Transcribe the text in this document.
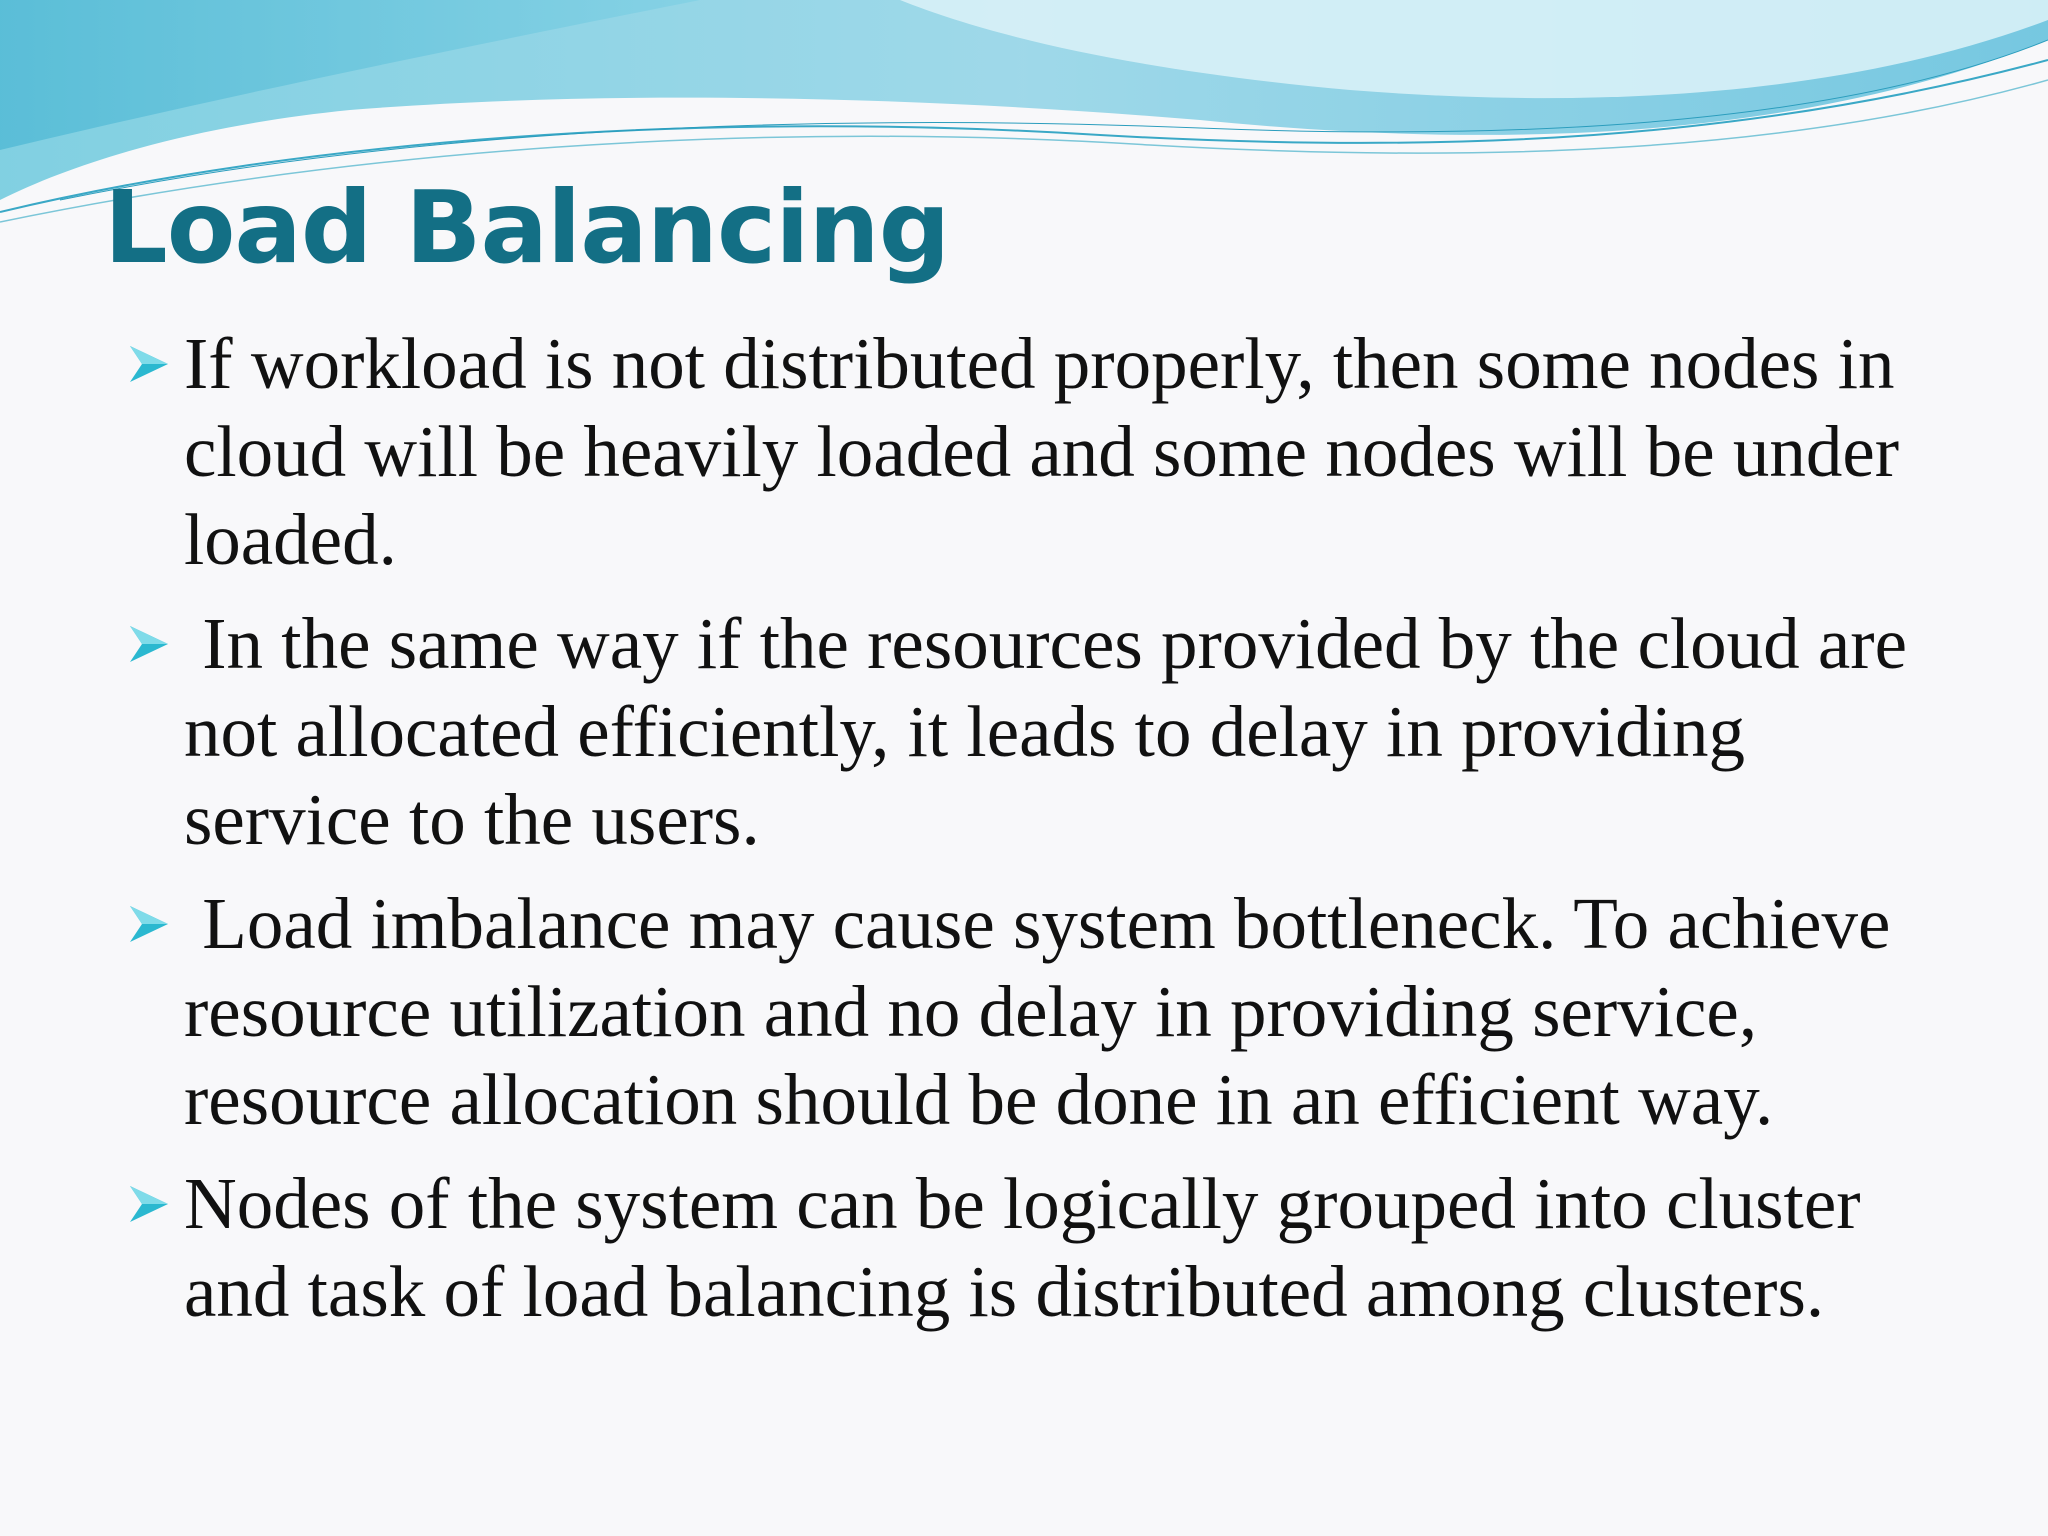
Load Balancing
If workload is not distributed properly, then some nodes in cloud will be heavily loaded and some nodes will be under loaded.
In the same way if the resources provided by the cloud are not allocated efficiently, it leads to delay in providing service to the users.
Load imbalance may cause system bottleneck. To achieve resource utilization and no delay in providing service, resource allocation should be done in an efficient way.
Nodes of the system can be logically grouped into cluster and task of load balancing is distributed among clusters.
